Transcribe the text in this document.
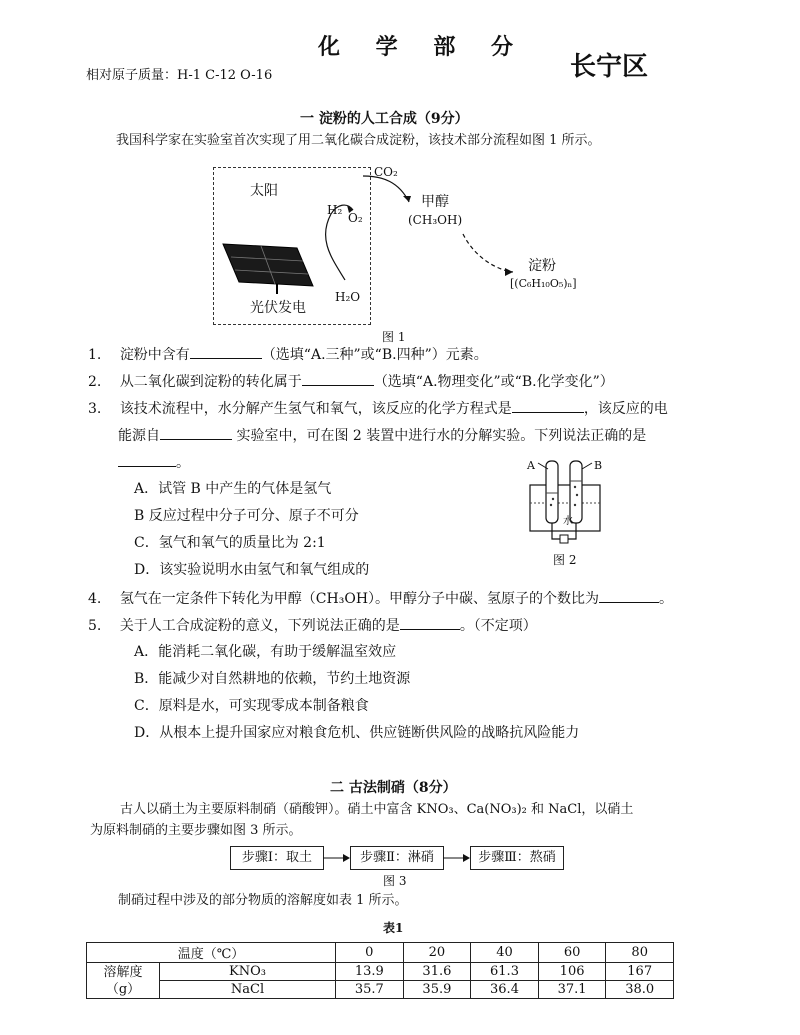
化 学 部 分
长宁区
相对原子质量：H-1 C-12 O-16
一 淀粉的人工合成（9分）
我国科学家在实验室首次实现了用二氧化碳合成淀粉，该技术部分流程如图 1 所示。
太阳
CO₂
H₂
O₂
H₂O
光伏发电
甲醇
(CH₃OH)
淀粉
[(C₆H₁₀O₅)ₙ]
图 1
1. 淀粉中含有	（选填“A.三种”或“B.四种”）元素。
2. 从二氧化碳到淀粉的转化属于	（选填“A.物理变化”或“B.化学变化”）
3. 该技术流程中，水分解产生氢气和氧气，该反应的化学方程式是	，该反应的电
能源自	实验室中，可在图 2 装置中进行水的分解实验。下列说法正确的是
。
A．试管 B 中产生的气体是氢气
B 反应过程中分子可分、原子不可分
C．氢气和氧气的质量比为 2:1
D．该实验说明水由氢气和氧气组成的
A	B
水
图 2
4. 氢气在一定条件下转化为甲醇（CH₃OH）。甲醇分子中碳、氢原子的个数比为	。
5. 关于人工合成淀粉的意义，下列说法正确的是	。（不定项）
A．能消耗二氧化碳，有助于缓解温室效应
B．能减少对自然耕地的依赖，节约土地资源
C．原料是水，可实现零成本制备粮食
D．从根本上提升国家应对粮食危机、供应链断供风险的战略抗风险能力
二 古法制硝（8分）
古人以硝土为主要原料制硝（硝酸钾）。硝土中富含 KNO₃、Ca(NO₃)₂ 和 NaCl，以硝土
为原料制硝的主要步骤如图 3 所示。
步骤Ⅰ：取土	步骤Ⅱ：淋硝	步骤Ⅲ：熬硝
图 3
制硝过程中涉及的部分物质的溶解度如表 1 所示。
表1
温度（℃）		0	20	40	60	80

溶解度
（g）	KNO₃	13.9	31.6	61.3	106	167
	NaCl	35.7	35.9	36.4	37.1	38.0
